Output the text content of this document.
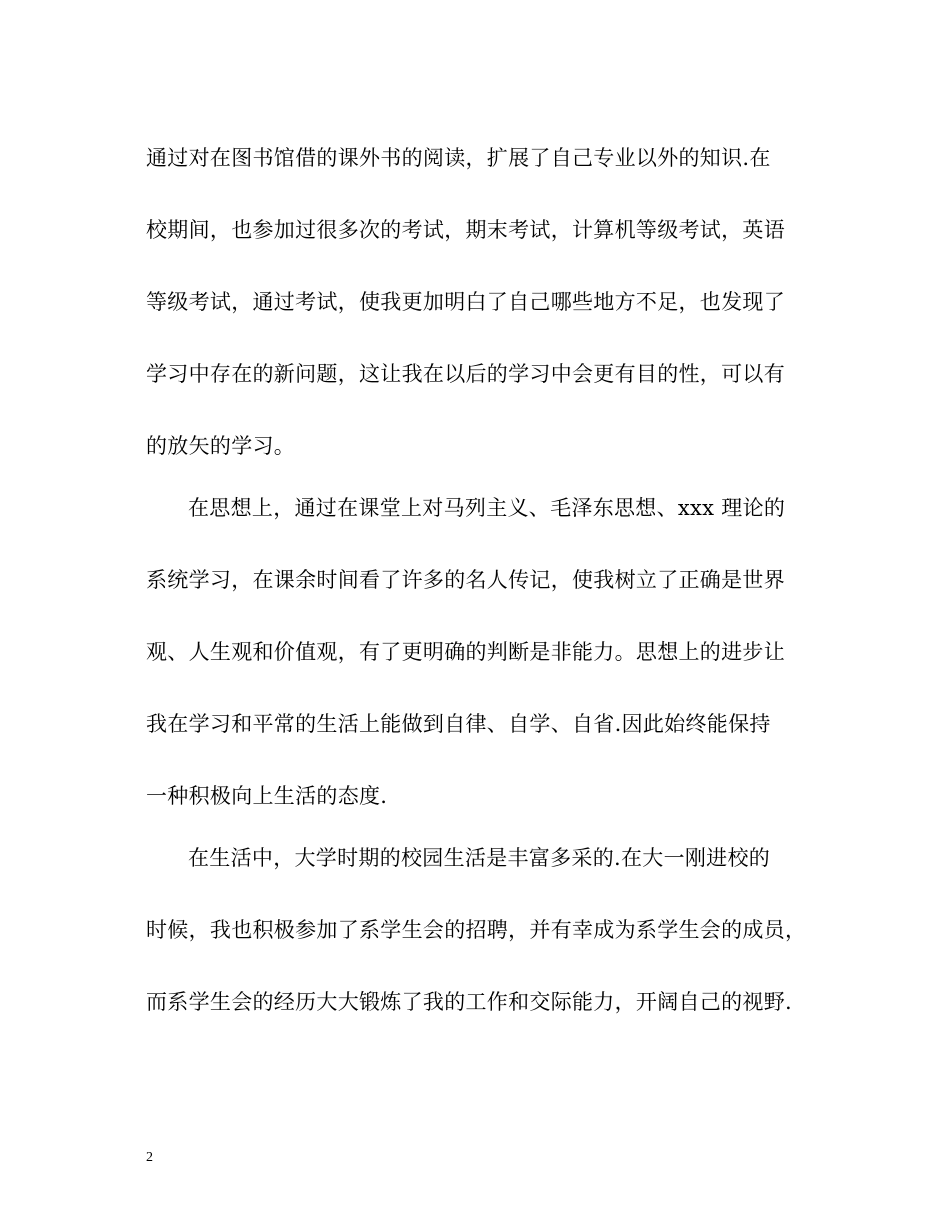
通过对在图书馆借的课外书的阅读，扩展了自己专业以外的知识.在
校期间，也参加过很多次的考试，期末考试，计算机等级考试，英语
等级考试，通过考试，使我更加明白了自己哪些地方不足，也发现了
学习中存在的新问题，这让我在以后的学习中会更有目的性，可以有
的放矢的学习。
在思想上，通过在课堂上对马列主义、毛泽东思想、xxx 理论的
系统学习，在课余时间看了许多的名人传记，使我树立了正确是世界
观、人生观和价值观，有了更明确的判断是非能力。思想上的进步让
我在学习和平常的生活上能做到自律、自学、自省.因此始终能保持
一种积极向上生活的态度.
在生活中，大学时期的校园生活是丰富多采的.在大一刚进校的
时候，我也积极参加了系学生会的招聘，并有幸成为系学生会的成员，
而系学生会的经历大大锻炼了我的工作和交际能力，开阔自己的视野.
2
